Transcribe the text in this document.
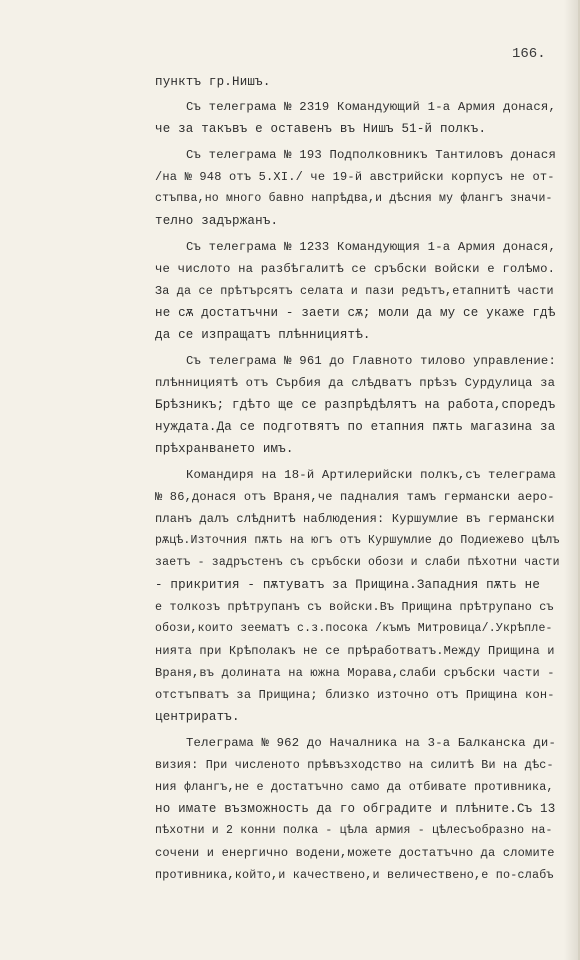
166.
пунктъ гр.Нишъ.
Съ телеграма № 2319 Командующий 1-а Армия донася,
че за такъвъ е оставенъ въ Нишъ 51-й полкъ.
Съ телеграма № 193 Подполковникъ Тантиловъ донася
/на № 948 отъ 5.XI./ че 19-й австрийски корпусъ не от-
стъпва,но много бавно напрѣдва,и дѣсния му флангъ значи-
телно задържанъ.
Съ телеграма № 1233 Командующия 1-а Армия донася,
че числото на разбѣгалитѣ се сръбски войски е голѣмо.
За да се прѣтърсятъ селата и пази редътъ,етапнитѣ части
не сѫ достатъчни - заети сѫ; моли да му се укаже гдѣ
да се изпращатъ плѣннициятѣ.
Съ телеграма № 961 до Главното тилово управление:
плѣннициятѣ отъ Сърбия да слѣдватъ прѣзъ Сурдулица за
Брѣзникъ; гдѣто ще се разпрѣдѣлятъ на работа,споредъ
нуждата.Да се подготвятъ по етапния пѫть магазина за
прѣхранването имъ.
Командиря на 18-й Артилерийски полкъ,съ телеграма
№ 86,донася отъ Враня,че падналия тамъ германски аеро-
планъ далъ слѣднитѣ наблюдения: Куршумлие въ германски
рѫцѣ.Източния пѫть на югъ отъ Куршумлие до Подиежево цѣлъ
заетъ - задръстенъ съ сръбски обози и слаби пѣхотни части
- прикрития - пѫтуватъ за Прищина.Западния пѫть не
е толкозъ прѣтрупанъ съ войски.Въ Прищина прѣтрупано съ
обози,които зеематъ с.з.посока /къмъ Митровица/.Укрѣпле-
нията при Крѣполакъ не се прѣработватъ.Между Прищина и
Враня,въ долината на южна Морава,слаби сръбски части -
отстъпватъ за Прищина; близко източно отъ Прищина кон-
центриратъ.
Телеграма № 962 до Началника на 3-а Балканска ди-
визия: При численото прѣвъзходство на силитѣ Ви на дѣс-
ния флангъ,не е достатъчно само да отбивате противника,
но имате възможность да го обградите и плѣните.Съ 13
пѣхотни и 2 конни полка - цѣла армия - цѣлесъобразно на-
сочени и енергично водени,можете достатъчно да сломите
противника,който,и качествено,и величествено,е по-слабъ
